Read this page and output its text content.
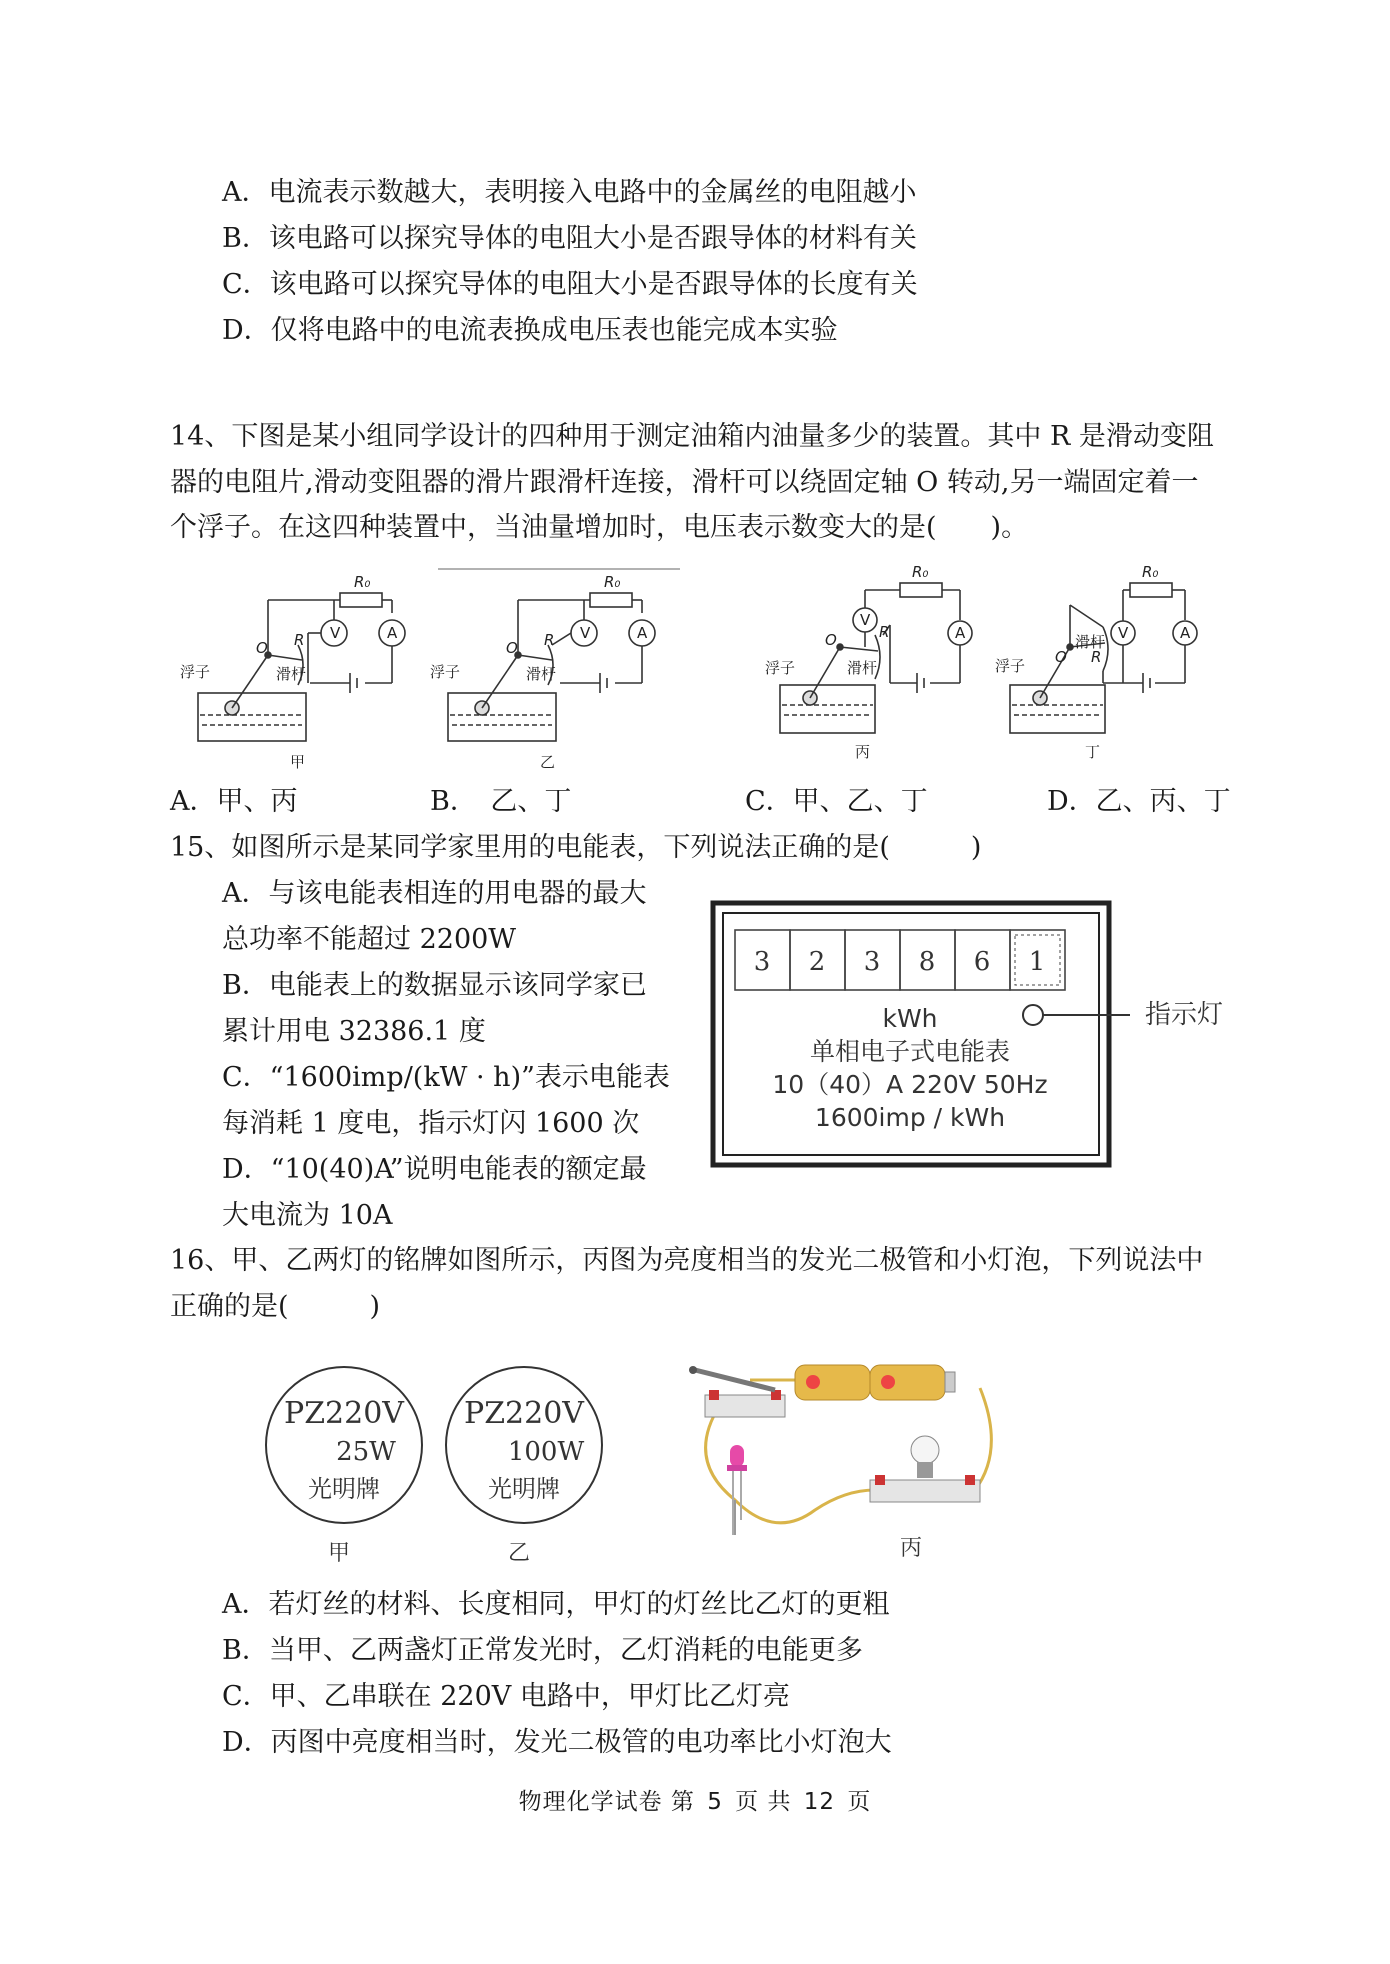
A．电流表示数越大，表明接入电路中的金属丝的电阻越小
B．该电路可以探究导体的电阻大小是否跟导体的材料有关
C．该电路可以探究导体的电阻大小是否跟导体的长度有关
D．仅将电路中的电流表换成电压表也能完成本实验
14、下图是某小组同学设计的四种用于测定油箱内油量多少的装置。其中 R 是滑动变阻
器的电阻片,滑动变阻器的滑片跟滑杆连接，滑杆可以绕固定轴 O 转动,另一端固定着一
个浮子。在这四种装置中，当油量增加时，电压表示数变大的是(　　)。
V	A
R₀
O R
浮子	滑杆
甲
V	A
R₀
O R
浮子	滑杆
乙
V
A
R₀
O	R
浮子	滑杆
丙
V	A
R₀
O R
浮子
滑杆
丁
A．甲、丙	B．　乙、丁	C．甲、乙、丁	D．乙、丙、丁
15、如图所示是某同学家里用的电能表，下列说法正确的是(　　　)
A．与该电能表相连的用电器的最大
总功率不能超过 2200W
B．电能表上的数据显示该同学家已
累计用电 32386.1 度
C．“1600imp/(kW · h)”表示电能表
每消耗 1 度电，指示灯闪 1600 次
D．“10(40)A”说明电能表的额定最
大电流为 10A
3 2 3 8 6 1
kWh
单相电子式电能表
10（40）A 220V 50Hz
1600imp / kWh
指示灯
16、甲、乙两灯的铭牌如图所示，丙图为亮度相当的发光二极管和小灯泡，下列说法中
正确的是(　　　)
PZ220V
25W
光明牌
甲
PZ220V
100W
光明牌
乙	丙
A．若灯丝的材料、长度相同，甲灯的灯丝比乙灯的更粗
B．当甲、乙两盏灯正常发光时，乙灯消耗的电能更多
C．甲、乙串联在 220V 电路中，甲灯比乙灯亮
D．丙图中亮度相当时，发光二极管的电功率比小灯泡大
物理化学试卷 第 5 页 共 12 页
